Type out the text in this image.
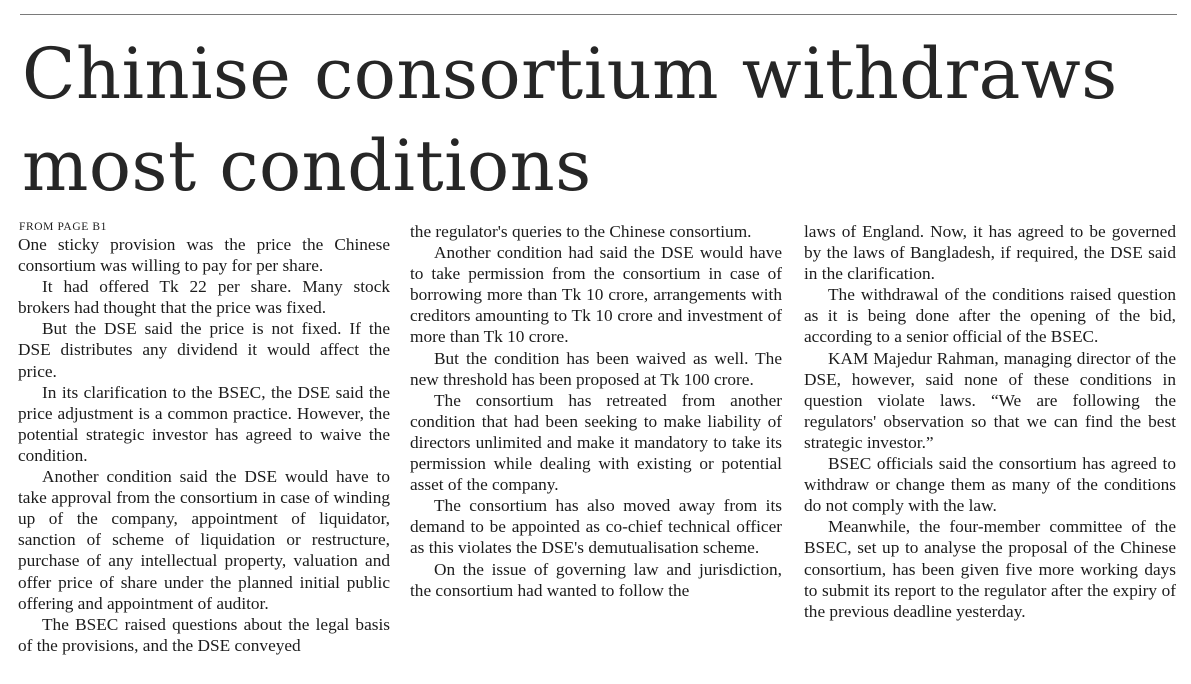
Chinise consortium withdraws most conditions

FROM PAGE B1

One sticky provision was the price the Chinese consortium was willing to pay for per share.

It had offered Tk 22 per share. Many stock brokers had thought that the price was fixed.

But the DSE said the price is not fixed. If the DSE distributes any dividend it would affect the price.

In its clarification to the BSEC, the DSE said the price adjustment is a common practice. However, the potential strategic investor has agreed to waive the condition.

Another condition said the DSE would have to take approval from the consortium in case of winding up of the company, appointment of liquidator, sanction of scheme of liquidation or restructure, purchase of any intellectual property, valuation and offer price of share under the planned initial public offering and appointment of auditor.

The BSEC raised questions about the legal basis of the provisions, and the DSE conveyed

the regulator's queries to the Chinese consortium.

Another condition had said the DSE would have to take permission from the consortium in case of borrowing more than Tk 10 crore, arrangements with creditors amounting to Tk 10 crore and investment of more than Tk 10 crore.

But the condition has been waived as well. The new threshold has been proposed at Tk 100 crore.

The consortium has retreated from another condition that had been seeking to make liability of directors unlimited and make it mandatory to take its permission while dealing with existing or potential asset of the company.

The consortium has also moved away from its demand to be appointed as co-chief technical officer as this violates the DSE's demutualisation scheme.

On the issue of governing law and jurisdiction, the consortium had wanted to follow the

laws of England. Now, it has agreed to be governed by the laws of Bangladesh, if required, the DSE said in the clarification.

The withdrawal of the conditions raised question as it is being done after the opening of the bid, according to a senior official of the BSEC.

KAM Majedur Rahman, managing director of the DSE, however, said none of these conditions in question violate laws. “We are following the regulators' observation so that we can find the best strategic investor.”

BSEC officials said the consortium has agreed to withdraw or change them as many of the conditions do not comply with the law.

Meanwhile, the four-member committee of the BSEC, set up to analyse the proposal of the Chinese consortium, has been given five more working days to submit its report to the regulator after the expiry of the previous deadline yesterday.
